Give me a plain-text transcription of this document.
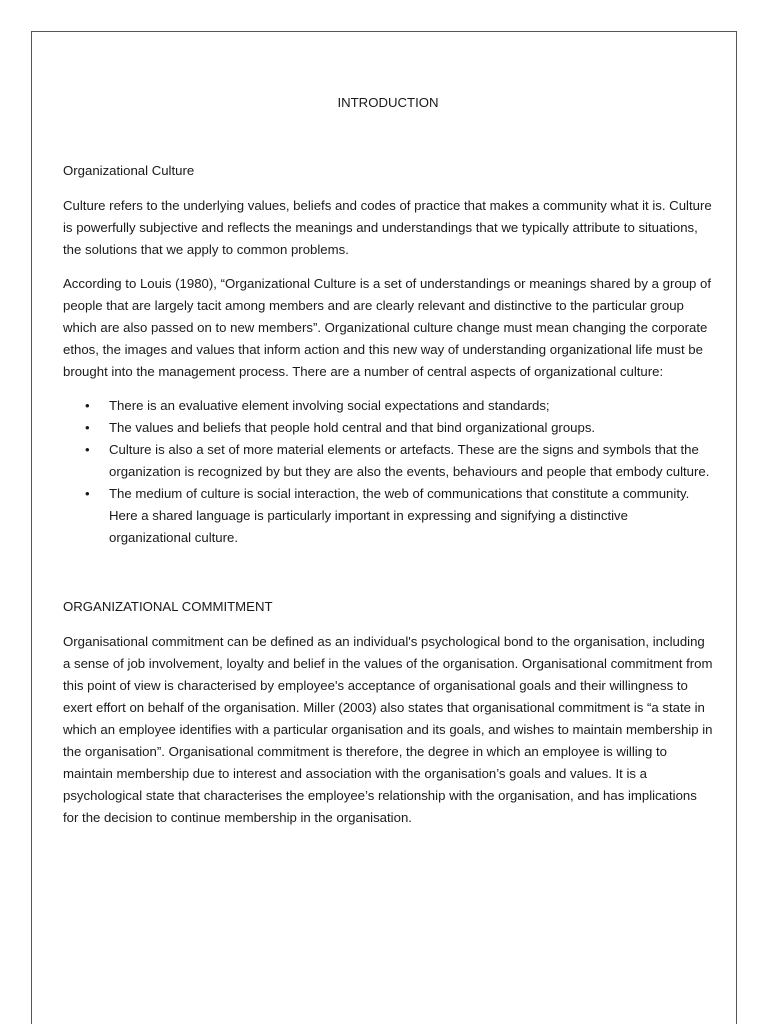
INTRODUCTION
Organizational Culture

Culture refers to the underlying values, beliefs and codes of practice that makes a community what it is. Culture is powerfully subjective and reflects the meanings and understandings that we typically attribute to situations, the solutions that we apply to common problems.

According to Louis (1980), “Organizational Culture is a set of understandings or meanings shared by a group of people that are largely tacit among members and are clearly relevant and distinctive to the particular group which are also passed on to new members”. Organizational culture change must mean changing the corporate ethos, the images and values that inform action and this new way of understanding organizational life must be brought into the management process. There are a number of central aspects of organizational culture:

• There is an evaluative element involving social expectations and standards;
• The values and beliefs that people hold central and that bind organizational groups.
• Culture is also a set of more material elements or artefacts. These are the signs and symbols that the organization is recognized by but they are also the events, behaviours and people that embody culture.
• The medium of culture is social interaction, the web of communications that constitute a community. Here a shared language is particularly important in expressing and signifying a distinctive organizational culture.
ORGANIZATIONAL COMMITMENT

Organisational commitment can be defined as an individual's psychological bond to the organisation, including a sense of job involvement, loyalty and belief in the values of the organisation. Organisational commitment from this point of view is characterised by employee's acceptance of organisational goals and their willingness to exert effort on behalf of the organisation. Miller (2003) also states that organisational commitment is “a state in which an employee identifies with a particular organisation and its goals, and wishes to maintain membership in the organisation”. Organisational commitment is therefore, the degree in which an employee is willing to maintain membership due to interest and association with the organisation’s goals and values. It is a psychological state that characterises the employee’s relationship with the organisation, and has implications for the decision to continue membership in the organisation.
